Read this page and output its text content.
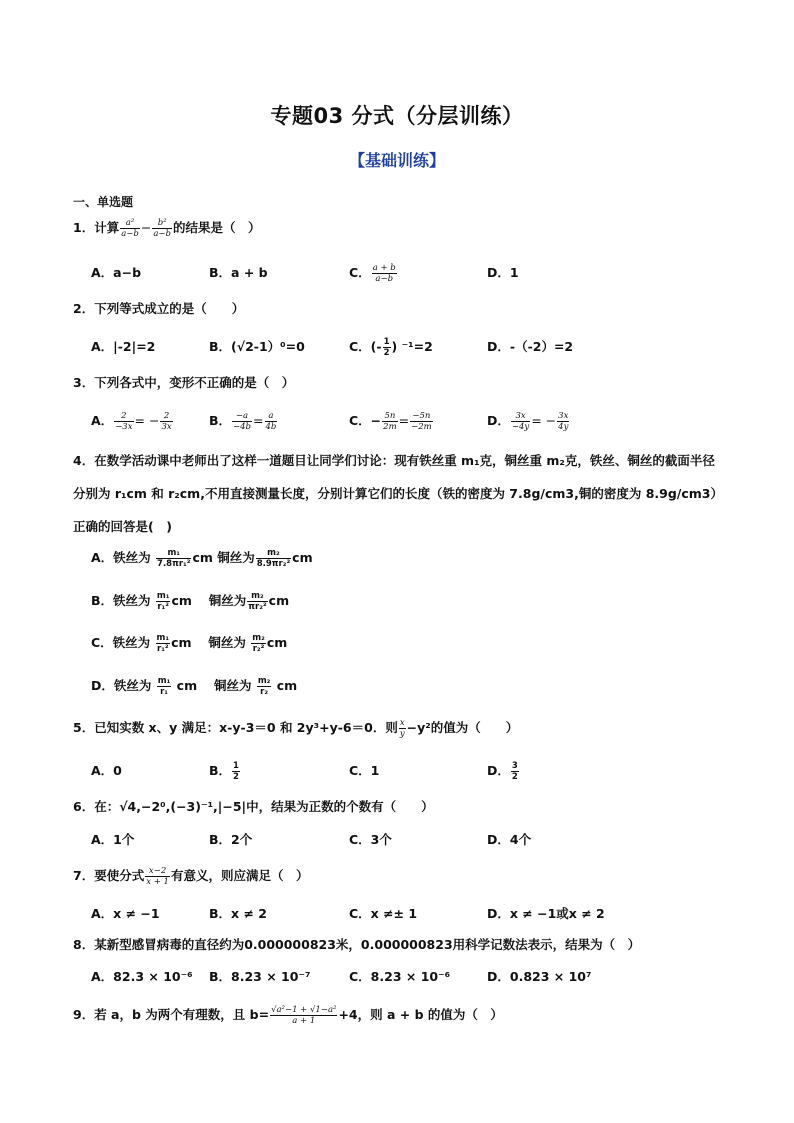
专题03 分式（分层训练）
【基础训练】
一、单选题
1．计算 $\frac{\text{a²}}{a-b} - \frac{\text{b²}}{a-b}$ 的结果是（　）
A．a−b	B．a + b	C． $\frac{a + b}{a-b}$	D．1
2．下列等式成立的是（　　）
A．|-2|=2	B．(√2-1）⁰=0	C．(- $\frac{1}{2}$ ) ⁻¹=2	D．-（-2）=2
3．下列各式中，变形不正确的是（　）
A． $\frac{2}{-3x}$ = − $\frac{2}{3x}$	B． $\frac{-a}{-4b} = \frac{a}{4b}$	C．− $\frac{5n}{2m} = \frac{-5n}{-2m}$	D． $\frac{3x}{-4y}$ = − $\frac{3x}{4y}$
4．在数学活动课中老师出了这样一道题目让同学们讨论：现有铁丝重 m₁克，铜丝重 m₂克，铁丝、铜丝的截面半径分别为 r₁cm 和 r₂cm,不用直接测量长度，分别计算它们的长度（铁的密度为 7.8g/cm3,铜的密度为 8.9g/cm3）正确的回答是(　)
A．铁丝为 $\frac{\text{m₁}}{\text{7.8πr₁²}}$ cm 铜丝为 $\frac{\text{m₂}}{\text{8.9πr₂²}}$ cm
B．铁丝为 $\frac{\text{m₁}}{\text{r₁²}}$ cm　 铜丝为 $\frac{\text{m₂}}{\text{πr₂²}}$ cm
C．铁丝为 $\frac{\text{m₁}}{\text{r₁²}}$ cm　 铜丝为 $\frac{\text{m₂}}{\text{r₂²}}$ cm
D．铁丝为 $\frac{\text{m₁}}{\text{r₁}}$ cm　 铜丝为 $\frac{\text{m₂}}{\text{r₂}}$ cm
5．已知实数 x、y 满足：x-y-3＝0 和 2y³+y-6＝0．则 $\frac{x}{y} -y^2$的值为（　　）
A．0	B． $\frac{1}{2}$	C．1	D． $\frac{3}{2}$
6．在：√4,−2⁰,(−3)⁻¹,|−5|中，结果为正数的个数有（　　）
A．1个	B．2个	C．3个	D．4个
7．要使分式 $\frac{x-2}{x + 1}$ 有意义，则应满足（　）
A．x ≠ −1	B．x ≠ 2	C．x ≠± 1	D．x ≠ −1或x ≠ 2
8．某新型感冒病毒的直径约为0.000000823米，0.000000823用科学记数法表示，结果为（　）
A．82.3 × 10⁻⁶ B．8.23 × 10⁻⁷	C．8.23 × 10⁻⁶	D．0.823 × 10⁷
9．若 a，b 为两个有理数，且 $b= \frac{\text{√a²−1 + √1−a²}}{a + 1} +4$，则 a + b 的值为（　）
